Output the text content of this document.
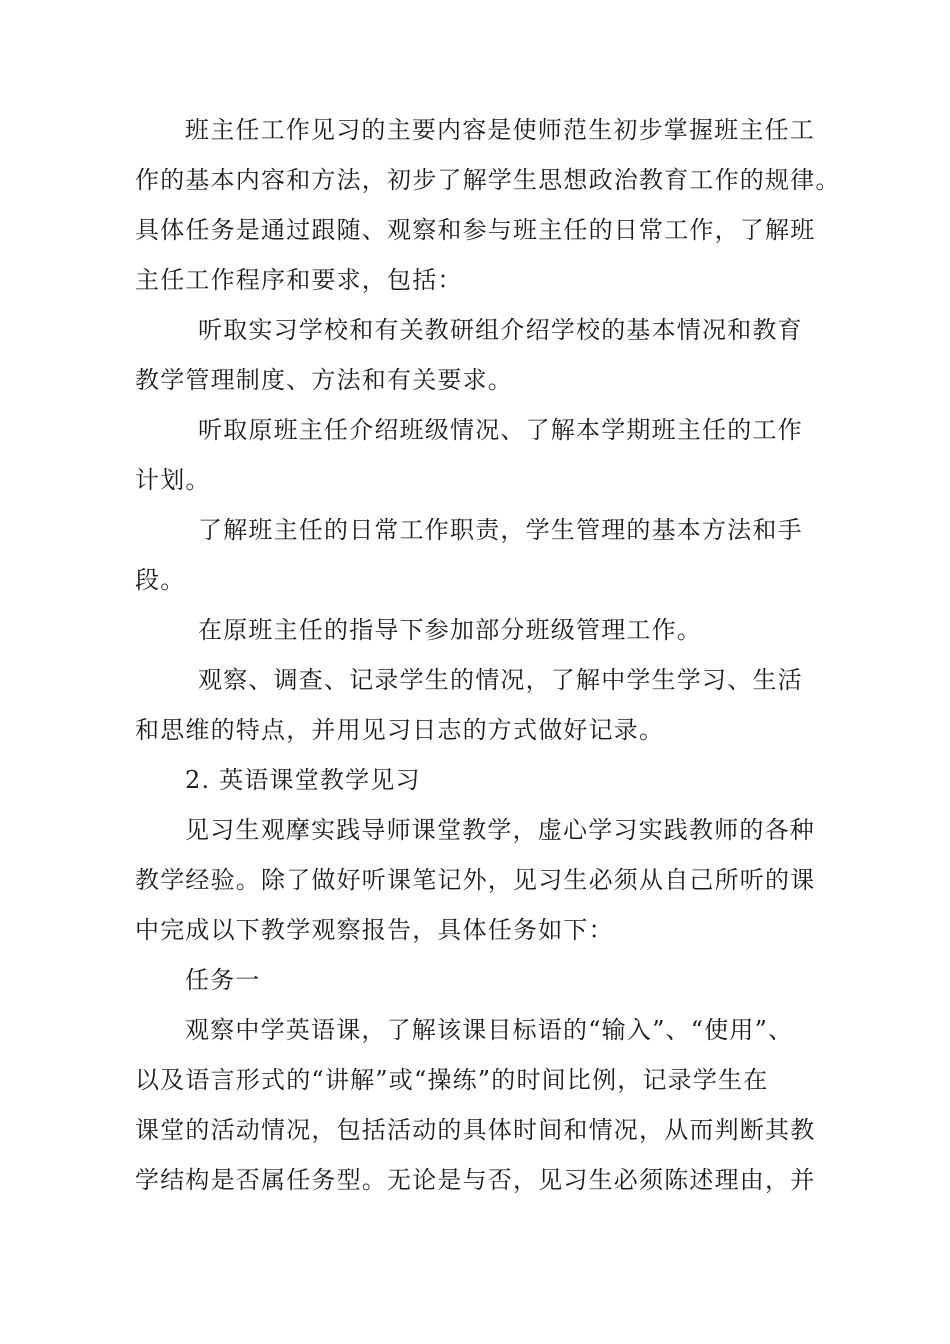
班主任工作见习的主要内容是使师范生初步掌握班主任工
作的基本内容和方法，初步了解学生思想政治教育工作的规律。
具体任务是通过跟随、观察和参与班主任的日常工作，了解班
主任工作程序和要求，包括：
听取实习学校和有关教研组介绍学校的基本情况和教育
教学管理制度、方法和有关要求。
听取原班主任介绍班级情况、了解本学期班主任的工作
计划。
了解班主任的日常工作职责，学生管理的基本方法和手
段。
在原班主任的指导下参加部分班级管理工作。
观察、调查、记录学生的情况，了解中学生学习、生活
和思维的特点，并用见习日志的方式做好记录。
2. 英语课堂教学见习
见习生观摩实践导师课堂教学，虚心学习实践教师的各种
教学经验。除了做好听课笔记外，见习生必须从自己所听的课
中完成以下教学观察报告，具体任务如下：
任务一
观察中学英语课，了解该课目标语的“输入”、“使用”、
以及语言形式的“讲解”或“操练”的时间比例，记录学生在
课堂的活动情况，包括活动的具体时间和情况，从而判断其教
学结构是否属任务型。无论是与否，见习生必须陈述理由，并
